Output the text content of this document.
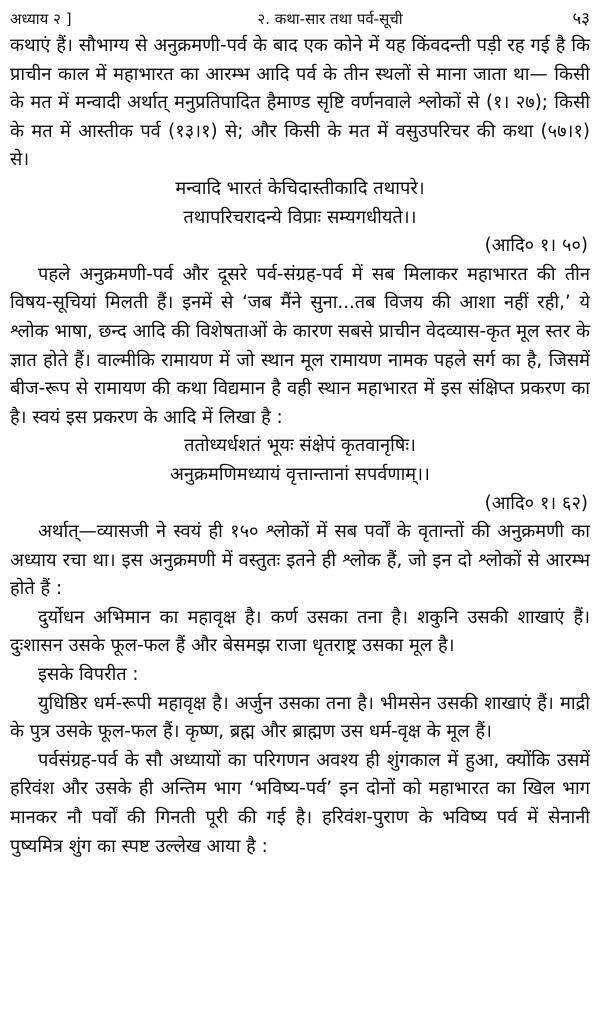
अध्याय २ ]	२. कथा-सार तथा पर्व-सूची	५३

कथाएं हैं। सौभाग्य से अनुक्रमणी-पर्व के बाद एक कोने में यह किंवदन्ती पड़ी रह गई है कि प्राचीन काल में महाभारत का आरम्भ आदि पर्व के तीन स्थलों से माना जाता था— किसी के मत में मन्वादी अर्थात् मनुप्रतिपादित हैमाण्ड सृष्टि वर्णनवाले श्लोकों से (१। २७); किसी के मत में आस्तीक पर्व (१३।१) से; और किसी के मत में वसुउपरिचर की कथा (५७।१) से।

मन्वादि भारतं केचिदास्तीकादि तथापरे।

तथापरिचरादन्ये विप्राः सम्यगधीयते।।

(आदि० १। ५०)

पहले अनुक्रमणी-पर्व और दूसरे पर्व-संग्रह-पर्व में सब मिलाकर महाभारत की तीन विषय-सूचियां मिलती हैं। इनमें से ‘जब मैंने सुना...तब विजय की आशा नहीं रही,’ ये श्लोक भाषा, छन्द आदि की विशेषताओं के कारण सबसे प्राचीन वेदव्यास-कृत मूल स्तर के ज्ञात होते हैं। वाल्मीकि रामायण में जो स्थान मूल रामायण नामक पहले सर्ग का है, जिसमें बीज-रूप से रामायण की कथा विद्यमान है वही स्थान महाभारत में इस संक्षिप्त प्रकरण का है। स्वयं इस प्रकरण के आदि में लिखा है :

ततोध्यर्धशतं भूयः संक्षेपं कृतवानृषिः।

अनुक्रमणिमध्यायं वृत्तान्तानां सपर्वणाम्।।

(आदि० १। ६२)

अर्थात्—व्यासजी ने स्वयं ही १५० श्लोकों में सब पर्वों के वृतान्तों की अनुक्रमणी का अध्याय रचा था। इस अनुक्रमणी में वस्तुतः इतने ही श्लोक हैं, जो इन दो श्लोकों से आरम्भ होते हैं :

दुर्योधन अभिमान का महावृक्ष है। कर्ण उसका तना है। शकुनि उसकी शाखाएं हैं। दुःशासन उसके फूल-फल हैं और बेसमझ राजा धृतराष्ट्र उसका मूल है।

इसके विपरीत :

युधिष्ठिर धर्म-रूपी महावृक्ष है। अर्जुन उसका तना है। भीमसेन उसकी शाखाएं हैं। माद्री के पुत्र उसके फूल-फल हैं। कृष्ण, ब्रह्म और ब्राह्मण उस धर्म-वृक्ष के मूल हैं।

पर्वसंग्रह-पर्व के सौ अध्यायों का परिगणन अवश्य ही शुंगकाल में हुआ, क्योंकि उसमें हरिवंश और उसके ही अन्तिम भाग ‘भविष्य-पर्व’ इन दोनों को महाभारत का खिल भाग मानकर नौ पर्वों की गिनती पूरी की गई है। हरिवंश-पुराण के भविष्य पर्व में सेनानी पुष्यमित्र शुंग का स्पष्ट उल्लेख आया है :
